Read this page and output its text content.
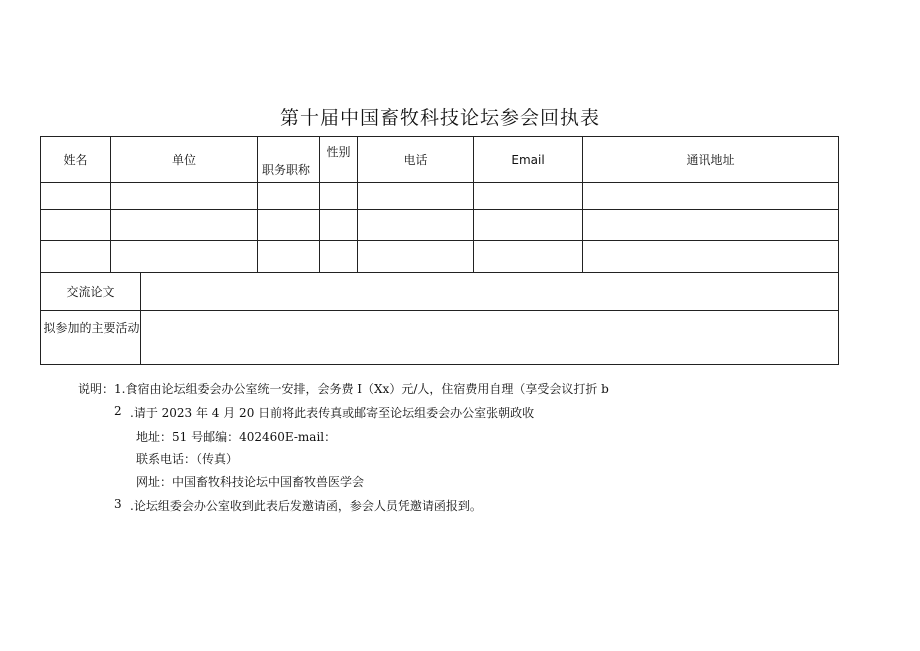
第十届中国畜牧科技论坛参会回执表
姓名	单位		职务职称	性别	电话	Email	通讯地址

交流论文							
拟参加的主要活动							
说明：1.食宿由论坛组委会办公室统一安排，会务费 I（Xx）元/人，住宿费用自理（享受会议打折 b
2 .请于 2023 年 4 月 20 日前将此表传真或邮寄至论坛组委会办公室张朝政收
地址：51 号邮编：402460E-mail：
联系电话：（传真）
网址：中国畜牧科技论坛中国畜牧兽医学会
3 .论坛组委会办公室收到此表后发邀请函，参会人员凭邀请函报到。
